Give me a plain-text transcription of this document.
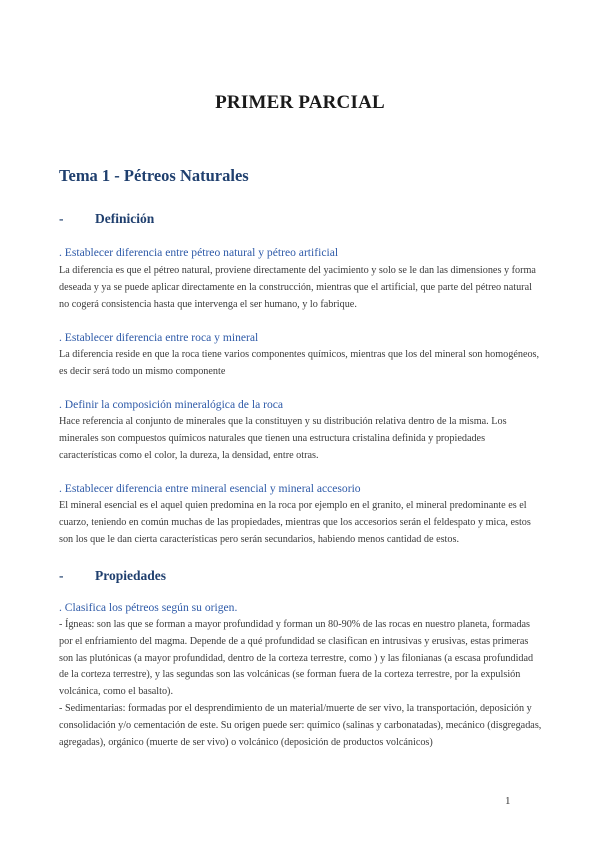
PRIMER PARCIAL
Tema 1 - Pétreos Naturales
- Definición
. Establecer diferencia entre pétreo natural y pétreo artificial

La diferencia es que el pétreo natural, proviene directamente del yacimiento y solo se le dan las dimensiones y forma
deseada y ya se puede aplicar directamente en la construcción, mientras que el artificial, que parte del pétreo natural
no cogerá consistencia hasta que intervenga el ser humano, y lo fabrique.

. Establecer diferencia entre roca y mineral

La diferencia reside en que la roca tiene varios componentes químicos, mientras que los del mineral son homogéneos,
es decir será todo un mismo componente

. Definir la composición mineralógica de la roca

Hace referencia al conjunto de minerales que la constituyen y su distribución relativa dentro de la misma. Los
minerales son compuestos químicos naturales que tienen una estructura cristalina definida y propiedades
características como el color, la dureza, la densidad, entre otras.

. Establecer diferencia entre mineral esencial y mineral accesorio

El mineral esencial es el aquel quien predomina en la roca por ejemplo en el granito, el mineral predominante es el
cuarzo, teniendo en común muchas de las propiedades, mientras que los accesorios serán el feldespato y mica, estos
son los que le dan cierta características pero serán secundarios, habiendo menos cantidad de estos.

- Propiedades
. Clasifica los pétreos según su origen.

- Ígneas: son las que se forman a mayor profundidad y forman un 80-90% de las rocas en nuestro planeta, formadas
por el enfriamiento del magma. Depende de a qué profundidad se clasifican en intrusivas y erusivas, estas primeras
son las plutónicas (a mayor profundidad, dentro de la corteza terrestre, como ) y las filonianas (a escasa profundidad
de la corteza terrestre), y las segundas son las volcánicas (se forman fuera de la corteza terrestre, por la expulsión
volcánica, como el basalto).
- Sedimentarias: formadas por el desprendimiento de un material/muerte de ser vivo, la transportación, deposición y
consolidación y/o cementación de este. Su origen puede ser: químico (salinas y carbonatadas), mecánico (disgregadas,
agregadas), orgánico (muerte de ser vivo) o volcánico (deposición de productos volcánicos)

1
